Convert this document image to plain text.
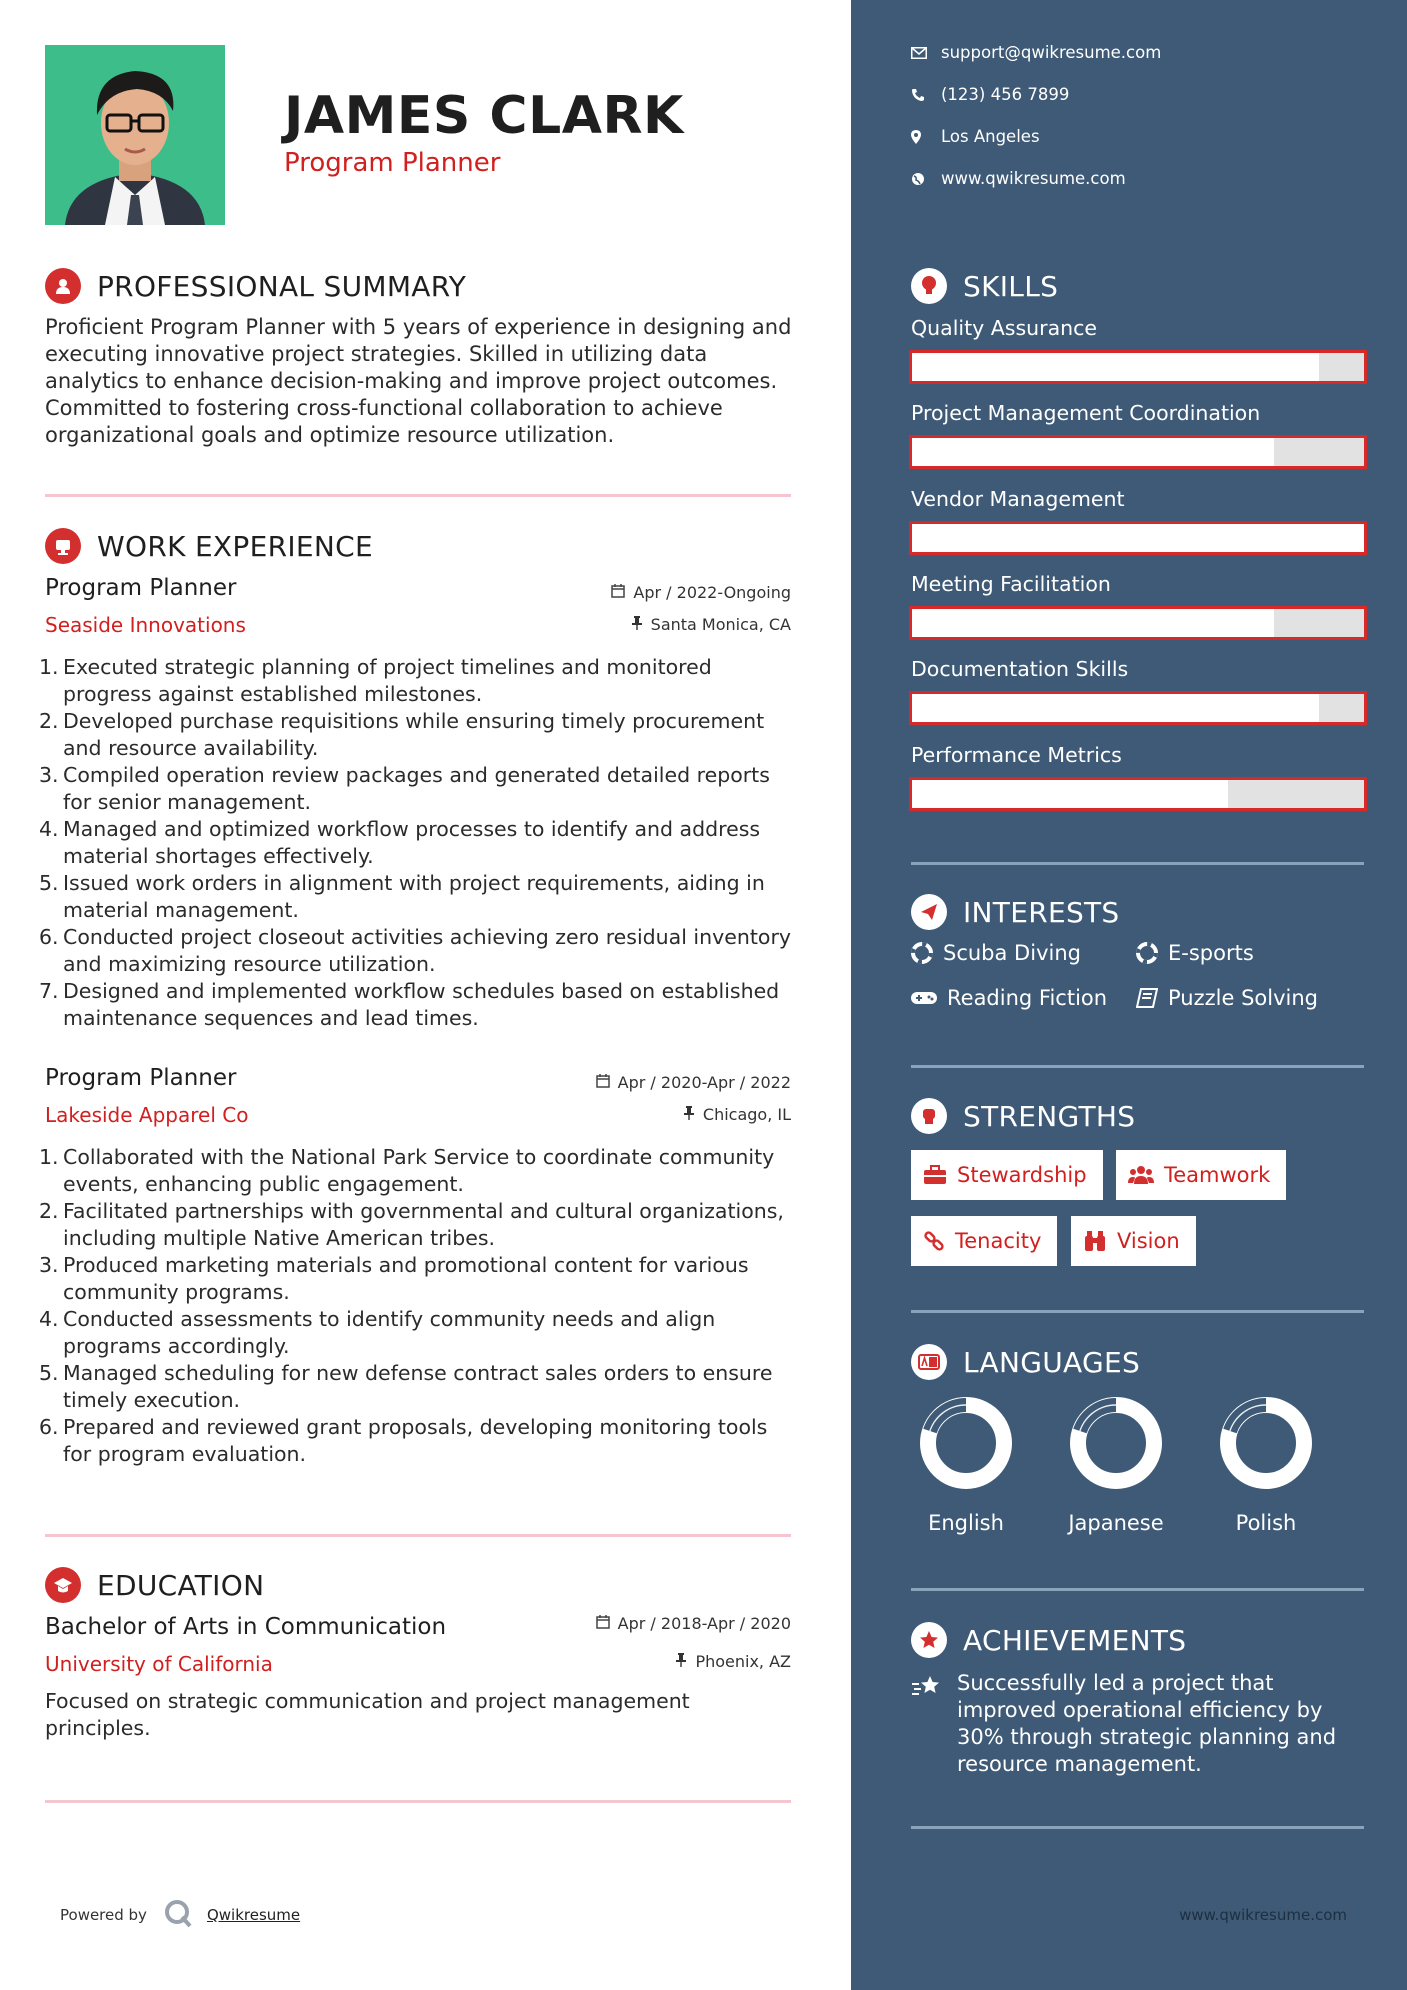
JAMES CLARK
Program Planner
PROFESSIONAL SUMMARY
Proficient Program Planner with 5 years of experience in designing and executing innovative project strategies. Skilled in utilizing data analytics to enhance decision-making and improve project outcomes. Committed to fostering cross-functional collaboration to achieve organizational goals and optimize resource utilization.
WORK EXPERIENCE
Program Planner
Seaside Innovations
Apr / 2022-Ongoing
Santa Monica, CA
1. Executed strategic planning of project timelines and monitored progress against established milestones.
2. Developed purchase requisitions while ensuring timely procurement and resource availability.
3. Compiled operation review packages and generated detailed reports for senior management.
4. Managed and optimized workflow processes to identify and address material shortages effectively.
5. Issued work orders in alignment with project requirements, aiding in material management.
6. Conducted project closeout activities achieving zero residual inventory and maximizing resource utilization.
7. Designed and implemented workflow schedules based on established maintenance sequences and lead times.
Program Planner
Lakeside Apparel Co
Apr / 2020-Apr / 2022
Chicago, IL
1. Collaborated with the National Park Service to coordinate community events, enhancing public engagement.
2. Facilitated partnerships with governmental and cultural organizations, including multiple Native American tribes.
3. Produced marketing materials and promotional content for various community programs.
4. Conducted assessments to identify community needs and align programs accordingly.
5. Managed scheduling for new defense contract sales orders to ensure timely execution.
6. Prepared and reviewed grant proposals, developing monitoring tools for program evaluation.
EDUCATION
Bachelor of Arts in Communication
University of California
Apr / 2018-Apr / 2020
Phoenix, AZ
Focused on strategic communication and project management principles.
Powered by	Qwikresume
support@qwikresume.com
(123) 456 7899
Los Angeles
www.qwikresume.com
SKILLS
Quality Assurance
Project Management Coordination
Vendor Management
Meeting Facilitation
Documentation Skills
Performance Metrics
INTERESTS
Scuba Diving	E-sports
Reading Fiction	Puzzle Solving
STRENGTHS
Stewardship	Teamwork
Tenacity	Vision
LANGUAGES
English	Japanese	Polish
ACHIEVEMENTS
Successfully led a project that improved operational efficiency by 30% through strategic planning and resource management.
www.qwikresume.com
